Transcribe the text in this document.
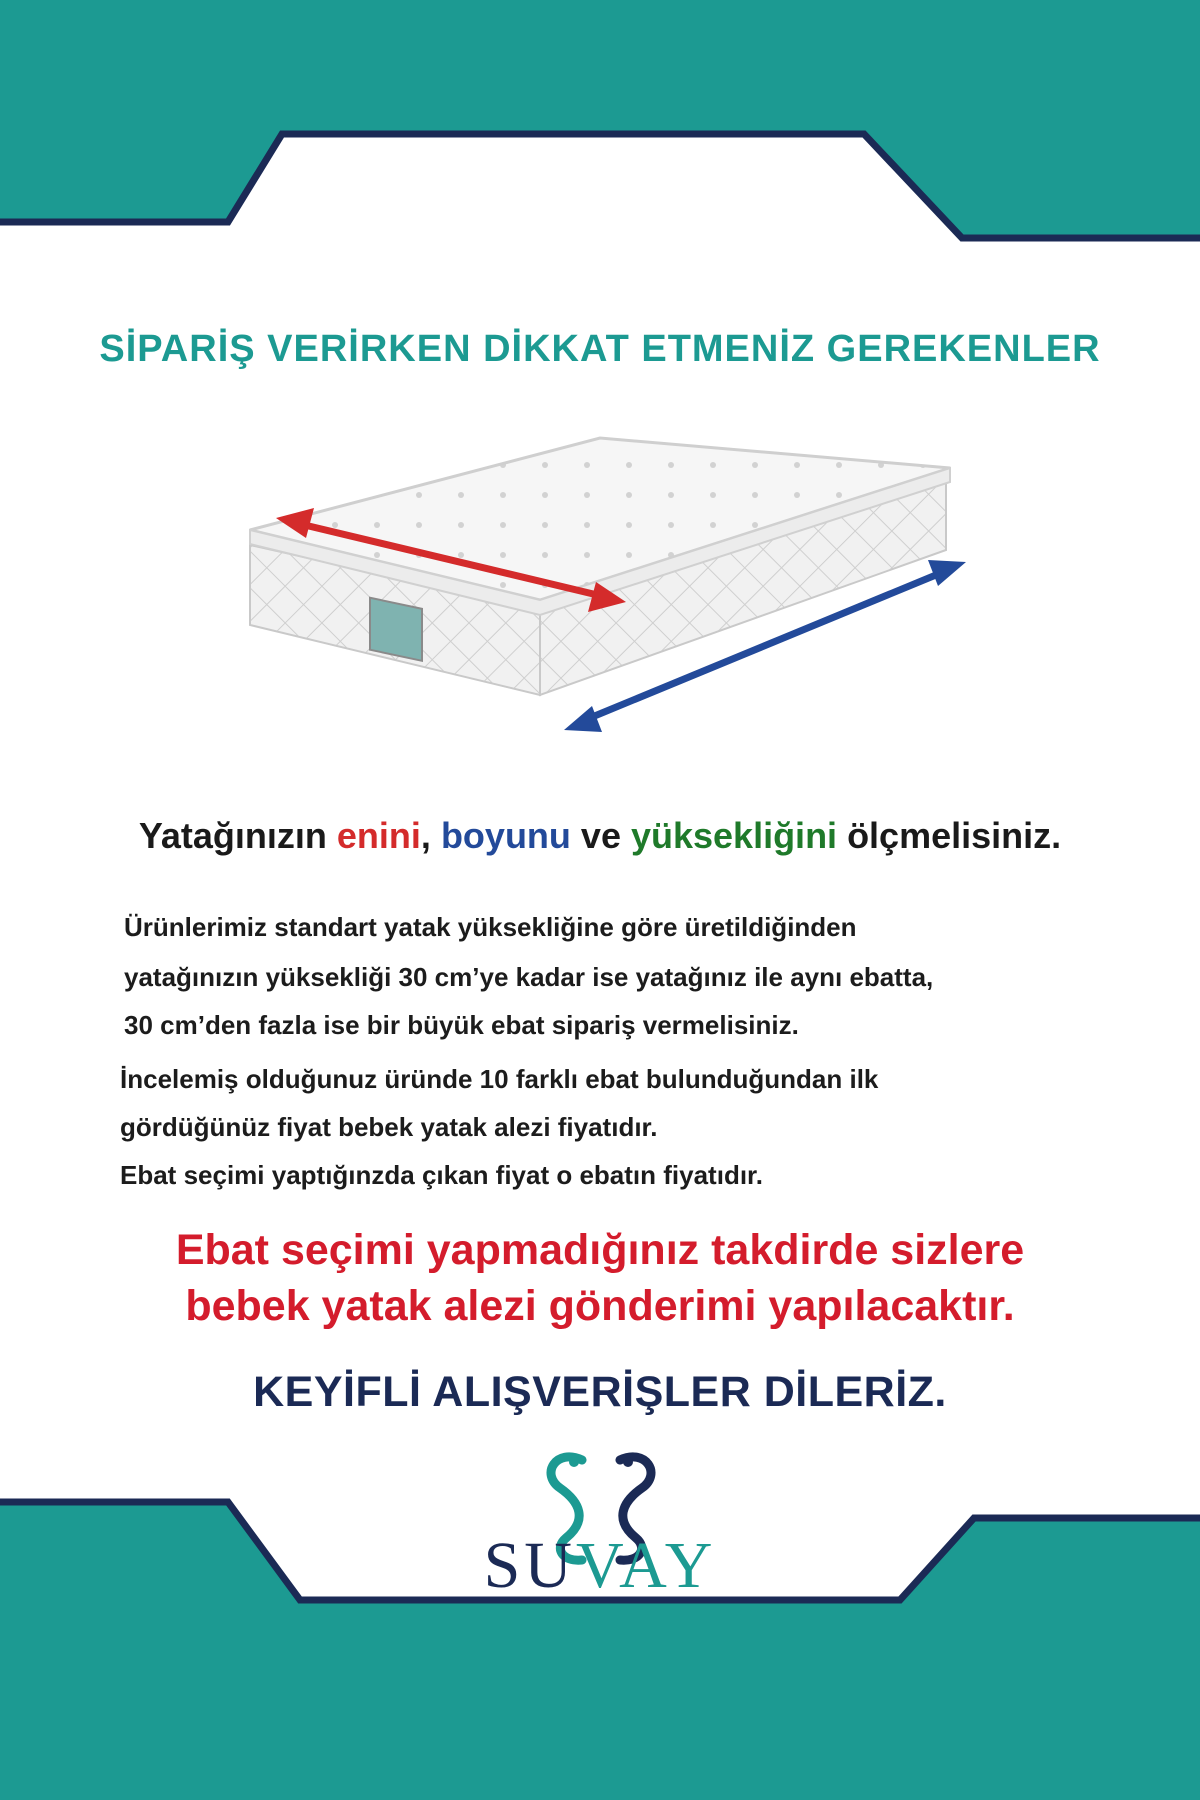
SİPARİŞ VERİRKEN DİKKAT ETMENİZ GEREKENLER
Yatağınızın enini, boyunu ve yüksekliğini ölçmelisiniz.
Ürünlerimiz standart yatak yüksekliğine göre üretildiğinden
yatağınızın yüksekliği 30 cm’ye kadar ise yatağınız ile aynı ebatta,
30 cm’den fazla ise bir büyük ebat sipariş vermelisiniz.
İncelemiş olduğunuz üründe 10 farklı ebat bulunduğundan ilk
gördüğünüz fiyat bebek yatak alezi fiyatıdır.
Ebat seçimi yaptığınzda çıkan fiyat o ebatın fiyatıdır.
Ebat seçimi yapmadığınız takdirde sizlere
bebek yatak alezi gönderimi yapılacaktır.
KEYİFLİ ALIŞVERİŞLER DİLERİZ.
SUVAY
